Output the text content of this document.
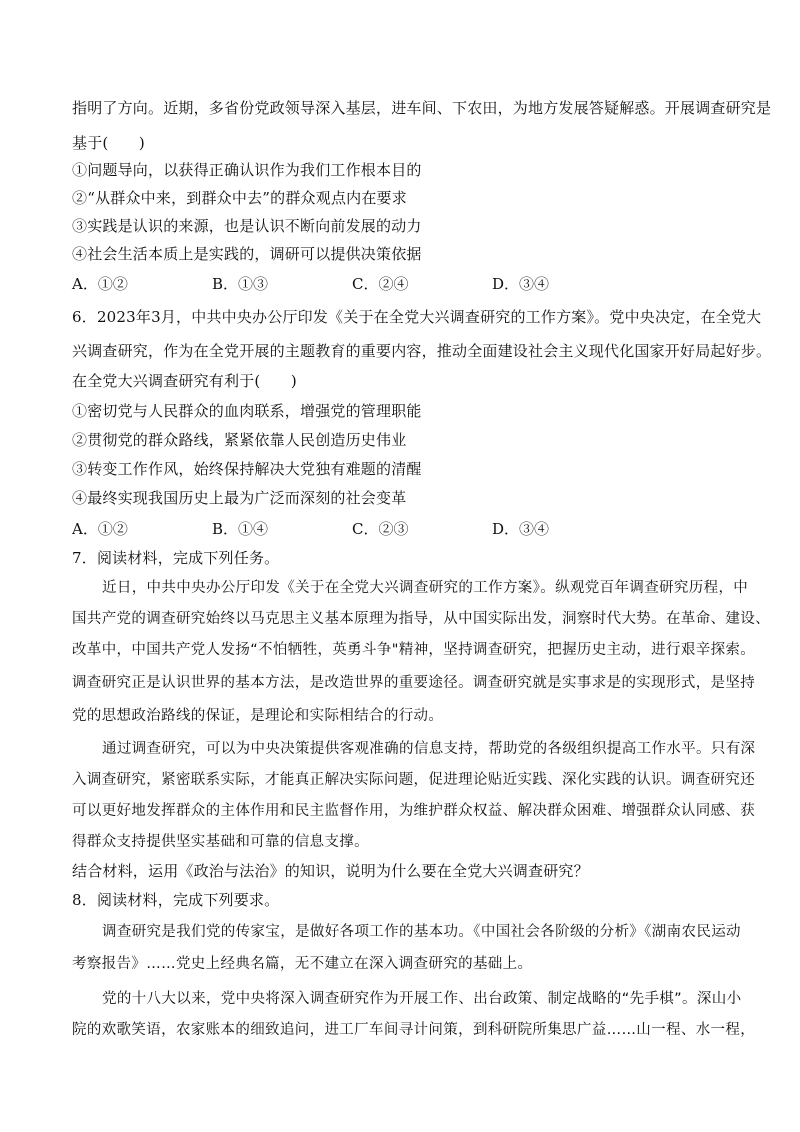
指明了方向。近期，多省份党政领导深入基层，进车间、下农田，为地方发展答疑解惑。开展调查研究是
基于(　　)
①问题导向，以获得正确认识作为我们工作根本目的
②“从群众中来，到群众中去”的群众观点内在要求
③实践是认识的来源，也是认识不断向前发展的动力
④社会生活本质上是实践的，调研可以提供决策依据
A．①②	B．①③	C．②④	D．③④
6．2023年3月，中共中央办公厅印发《关于在全党大兴调查研究的工作方案》。党中央决定，在全党大
兴调查研究，作为在全党开展的主题教育的重要内容，推动全面建设社会主义现代化国家开好局起好步。
在全党大兴调查研究有利于(　　)
①密切党与人民群众的血肉联系，增强党的管理职能
②贯彻党的群众路线，紧紧依靠人民创造历史伟业
③转变工作作风，始终保持解决大党独有难题的清醒
④最终实现我国历史上最为广泛而深刻的社会变革
A．①②	B．①④	C．②③	D．③④
7．阅读材料，完成下列任务。
近日，中共中央办公厅印发《关于在全党大兴调查研究的工作方案》。纵观党百年调查研究历程，中
国共产党的调查研究始终以马克思主义基本原理为指导，从中国实际出发，洞察时代大势。在革命、建设、
改革中，中国共产党人发扬“不怕牺牲，英勇斗争"精神，坚持调查研究，把握历史主动，进行艰辛探索。
调查研究正是认识世界的基本方法，是改造世界的重要途径。调查研究就是实事求是的实现形式，是坚持
党的思想政治路线的保证，是理论和实际相结合的行动。
通过调查研究，可以为中央决策提供客观准确的信息支持，帮助党的各级组织提高工作水平。只有深
入调查研究，紧密联系实际，才能真正解决实际问题，促进理论贴近实践、深化实践的认识。调查研究还
可以更好地发挥群众的主体作用和民主监督作用，为维护群众权益、解决群众困难、增强群众认同感、获
得群众支持提供坚实基础和可靠的信息支撑。
结合材料，运用《政治与法治》的知识，说明为什么要在全党大兴调查研究？
8．阅读材料，完成下列要求。
调查研究是我们党的传家宝，是做好各项工作的基本功。《中国社会各阶级的分析》《湖南农民运动
考察报告》……党史上经典名篇，无不建立在深入调查研究的基础上。
党的十八大以来，党中央将深入调查研究作为开展工作、出台政策、制定战略的“先手棋”。深山小
院的欢歌笑语，农家账本的细致追问，进工厂车间寻计问策，到科研院所集思广益……山一程、水一程，
